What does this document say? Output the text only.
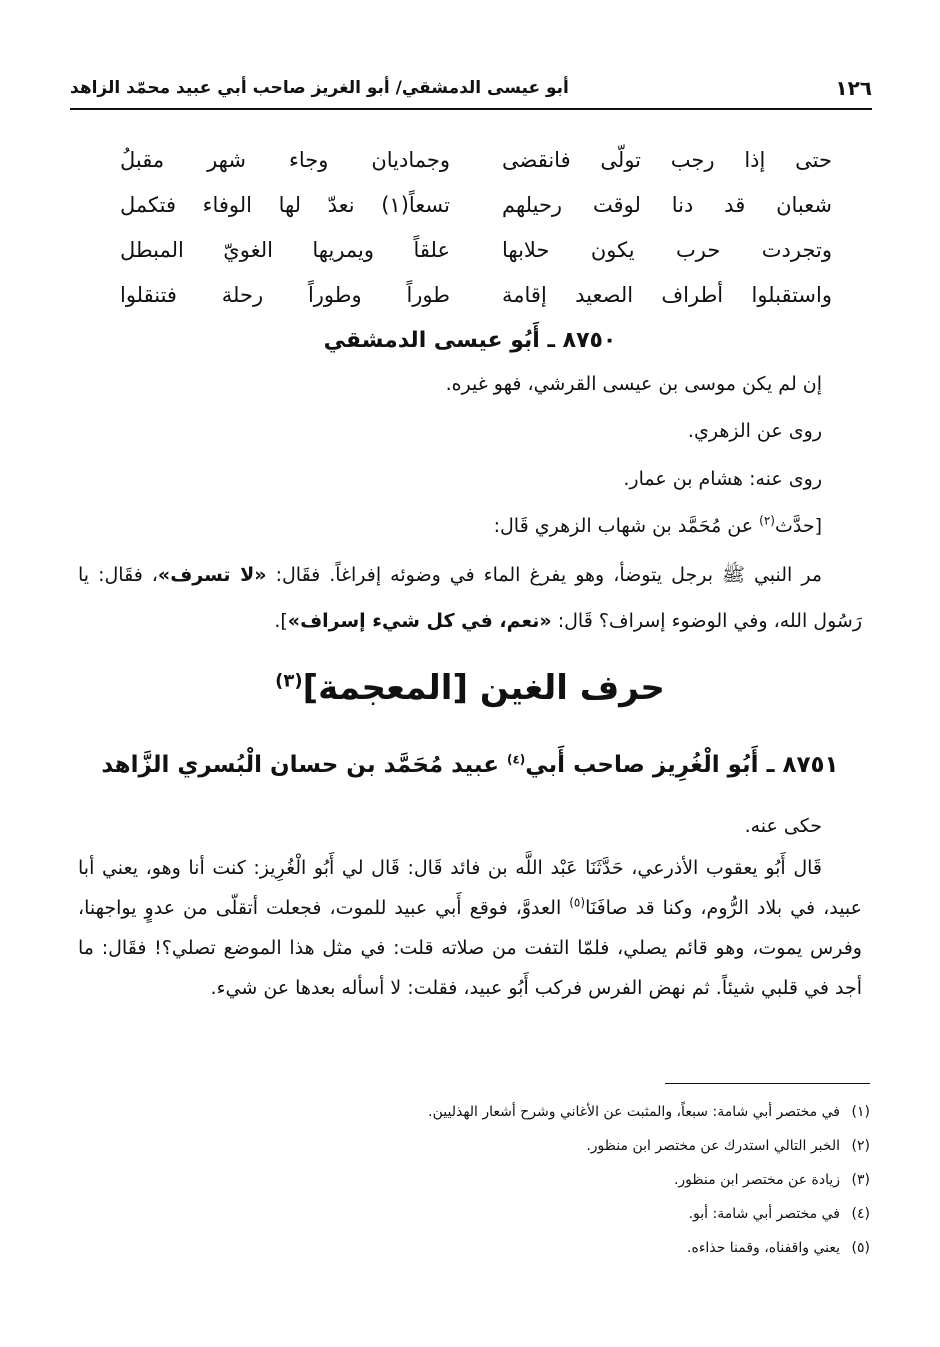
١٢٦
أبو عيسى الدمشقي/ أبو الغريز صاحب أبي عبيد محمّد الزاهد
حتى إذا رجب تولّى فانقضى
وجماديان وجاء شهر مقبلُ
شعبان قد دنا لوقت رحيلهم
تسعاً(١) نعدّ لها الوفاء فتكمل
وتجردت حرب يكون حلابها
علقاً ويمريها الغويّ المبطل
واستقبلوا أطراف الصعيد إقامة
طوراً وطوراً رحلة فتنقلوا
٨٧٥٠ ـ أَبُو عيسى الدمشقي
إن لم يكن موسى بن عيسى القرشي، فهو غيره.
روى عن الزهري.
روى عنه: هشام بن عمار.
[حدَّث$^{(٢)}$ عن مُحَمَّد بن شهاب الزهري قَال:
مر النبي ﷺ برجل يتوضأ، وهو يفرغ الماء في وضوئه إفراغاً. فقَال: «لا تسرف»، فقَال: يا رَسُول الله، وفي الوضوء إسراف؟ قَال: «نعم، في كل شيء إسراف»].
حرف الغين [المعجمة]$^{(٣)}$
٨٧٥١ ـ أَبُو الْغُرِيز صاحب أَبي$^{(٤)}$ عبيد مُحَمَّد بن حسان الْبُسري الزَّاهد
حكى عنه.
قَال أَبُو يعقوب الأذرعي، حَدَّثَنَا عَبْد اللَّه بن فائد قَال: قَال لي أَبُو الْغُرِيز: كنت أنا وهو، يعني أبا عبيد، في بلاد الرُّوم، وكنا قد صافَنَا$^{(٥)}$ العدوَّ، فوقع أَبي عبيد للموت، فجعلت أتقلّى من عدوٍ يواجهنا، وفرس يموت، وهو قائم يصلي، فلمّا التفت من صلاته قلت: في مثل هذا الموضع تصلي؟! فقَال: ما أجد في قلبي شيئاً. ثم نهض الفرس فركب أَبُو عبيد، فقلت: لا أسأله بعدها عن شيء.
(١)في مختصر أبي شامة: سبعاً، والمثبت عن الأغاني وشرح أشعار الهذليين.
(٢)الخبر التالي استدرك عن مختصر ابن منظور.
(٣)زيادة عن مختصر ابن منظور.
(٤)في مختصر أبي شامة: أبو.
(٥)يعني واقفناه، وقمنا حذاءه.
